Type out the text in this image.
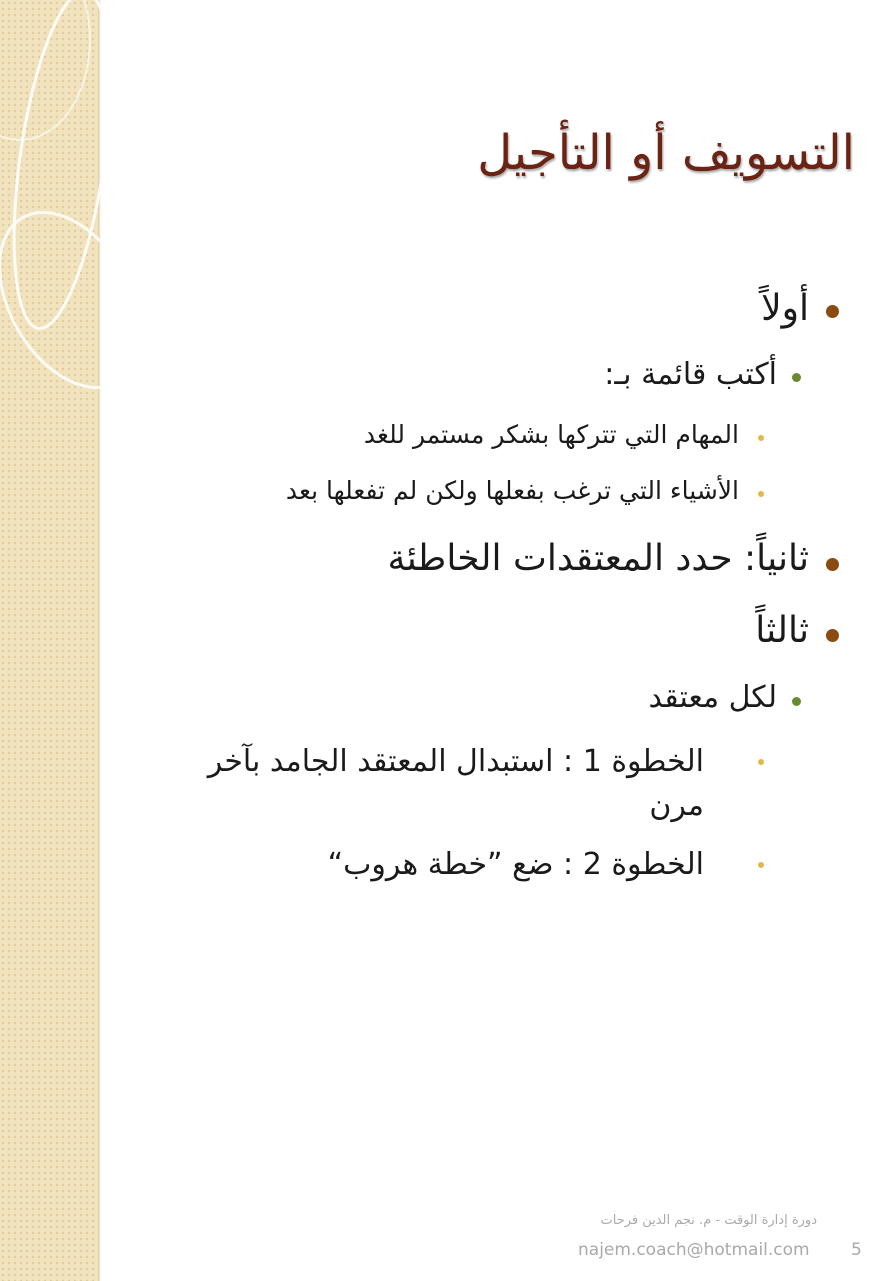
التسويف أو التأجيل
أولاً
أكتب قائمة بـ:
المهام التي تتركها بشكر مستمر للغد
الأشياء التي ترغب بفعلها ولكن لم تفعلها بعد
ثانياً: حدد المعتقدات الخاطئة
ثالثاً
لكل معتقد
الخطوة 1 : استبدال المعتقد الجامد بآخر مرن
الخطوة 2 : ضع ”خطة هروب“
دورة إدارة الوقت - م. نجم الدين فرحات
najem.coach@hotmail.com 5
